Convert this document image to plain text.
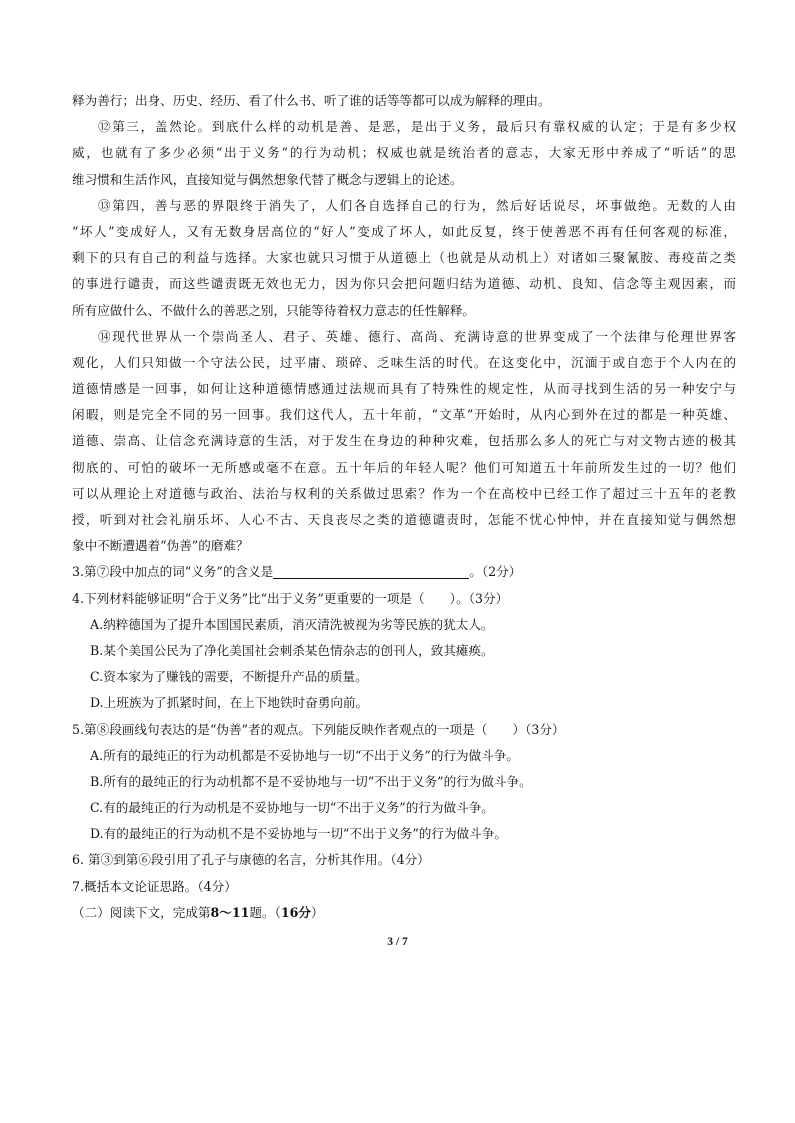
释为善行；出身、历史、经历、看了什么书、听了谁的话等等都可以成为解释的理由。
⑫第三，盖然论。到底什么样的动机是善、是恶，是出于义务，最后只有靠权威的认定；于是有多少权
威，也就有了多少必须“出于义务”的行为动机；权威也就是统治者的意志，大家无形中养成了“听话”的思
维习惯和生活作风，直接知觉与偶然想象代替了概念与逻辑上的论述。
⑬第四，善与恶的界限终于消失了，人们各自选择自己的行为，然后好话说尽，坏事做绝。无数的人由
“坏人”变成好人，又有无数身居高位的“好人”变成了坏人，如此反复，终于使善恶不再有任何客观的标准，
剩下的只有自己的利益与选择。大家也就只习惯于从道德上（也就是从动机上）对诸如三聚氰胺、毒疫苗之类
的事进行谴责，而这些谴责既无效也无力，因为你只会把问题归结为道德、动机、良知、信念等主观因素，而
所有应做什么、不做什么的善恶之别，只能等待着权力意志的任性解释。
⑭现代世界从一个崇尚圣人、君子、英雄、德行、高尚、充满诗意的世界变成了一个法律与伦理世界客
观化，人们只知做一个守法公民，过平庸、琐碎、乏味生活的时代。在这变化中，沉湎于或自恋于个人内在的
道德情感是一回事，如何让这种道德情感通过法规而具有了特殊性的规定性，从而寻找到生活的另一种安宁与
闲暇，则是完全不同的另一回事。我们这代人，五十年前，“文革”开始时，从内心到外在过的都是一种英雄、
道德、崇高、让信念充满诗意的生活，对于发生在身边的种种灾难，包括那么多人的死亡与对文物古迹的极其
彻底的、可怕的破坏一无所感或毫不在意。五十年后的年轻人呢？他们可知道五十年前所发生过的一切？他们
可以从理论上对道德与政治、法治与权利的关系做过思索？作为一个在高校中已经工作了超过三十五年的老教
授，听到对社会礼崩乐坏、人心不古、天良丧尽之类的道德谴责时，怎能不忧心忡忡，并在直接知觉与偶然想
象中不断遭遇着“伪善”的磨难？
3.第⑦段中加点的词“义务”的含义是	。（2分）
4.下列材料能够证明“合于义务”比“出于义务”更重要的一项是（　　）。（3分）
A.纳粹德国为了提升本国国民素质，消灭清洗被视为劣等民族的犹太人。
B.某个美国公民为了净化美国社会刺杀某色情杂志的创刊人，致其瘫痪。
C.资本家为了赚钱的需要，不断提升产品的质量。
D.上班族为了抓紧时间，在上下地铁时奋勇向前。
5.第⑧段画线句表达的是“伪善”者的观点。下列能反映作者观点的一项是（　　）（3分）
A.所有的最纯正的行为动机都是不妥协地与一切“不出于义务”的行为做斗争。
B.所有的最纯正的行为动机都不是不妥协地与一切“不出于义务”的行为做斗争。
C.有的最纯正的行为动机是不妥协地与一切“不出于义务”的行为做斗争。
D.有的最纯正的行为动机不是不妥协地与一切“不出于义务”的行为做斗争。
6. 第③到第⑥段引用了孔子与康德的名言，分析其作用。（4分）
7.概括本文论证思路。（4分）
（二）阅读下文，完成第8～11题。（16分）
3 / 7
